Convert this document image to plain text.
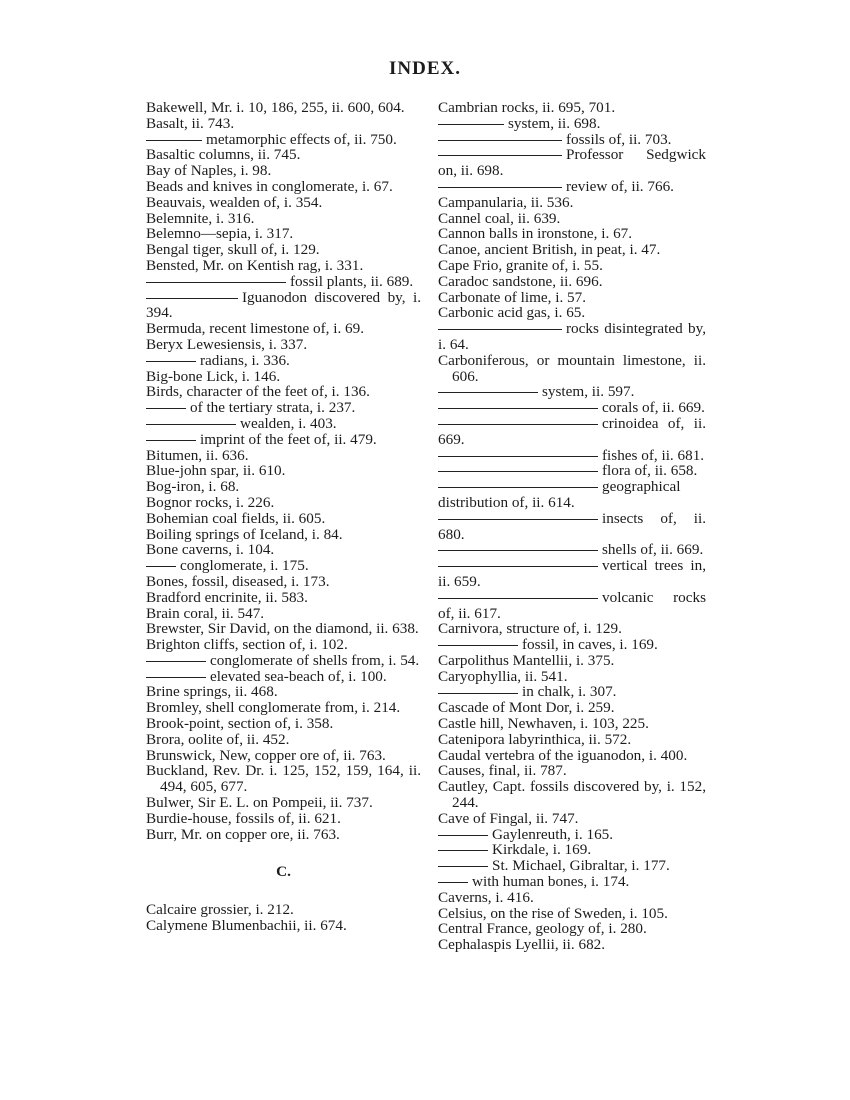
INDEX.
Bakewell, Mr. i. 10, 186, 255, ii. 600, 604.
Basalt, ii. 743.
metamorphic effects of, ii. 750.
Basaltic columns, ii. 745.
Bay of Naples, i. 98.
Beads and knives in conglomerate, i. 67.
Beauvais, wealden of, i. 354.
Belemnite, i. 316.
Belemno—sepia, i. 317.
Bengal tiger, skull of, i. 129.
Bensted, Mr. on Kentish rag, i. 331.
fossil plants, ii. 689.
Iguanodon discovered by, i. 394.
Bermuda, recent limestone of, i. 69.
Beryx Lewesiensis, i. 337.
radians, i. 336.
Big-bone Lick, i. 146.
Birds, character of the feet of, i. 136.
of the tertiary strata, i. 237.
wealden, i. 403.
imprint of the feet of, ii. 479.
Bitumen, ii. 636.
Blue-john spar, ii. 610.
Bog-iron, i. 68.
Bognor rocks, i. 226.
Bohemian coal fields, ii. 605.
Boiling springs of Iceland, i. 84.
Bone caverns, i. 104.
conglomerate, i. 175.
Bones, fossil, diseased, i. 173.
Bradford encrinite, ii. 583.
Brain coral, ii. 547.
Brewster, Sir David, on the diamond, ii. 638.
Brighton cliffs, section of, i. 102.
conglomerate of shells from, i. 54.
elevated sea-beach of, i. 100.
Brine springs, ii. 468.
Bromley, shell conglomerate from, i. 214.
Brook-point, section of, i. 358.
Brora, oolite of, ii. 452.
Brunswick, New, copper ore of, ii. 763.
Buckland, Rev. Dr. i. 125, 152, 159, 164, ii. 494, 605, 677.
Bulwer, Sir E. L. on Pompeii, ii. 737.
Burdie-house, fossils of, ii. 621.
Burr, Mr. on copper ore, ii. 763.
C.
Calcaire grossier, i. 212.
Calymene Blumenbachii, ii. 674.
Cambrian rocks, ii. 695, 701.
system, ii. 698.
fossils of, ii. 703.
Professor Sedgwick on, ii. 698.
review of, ii. 766.
Campanularia, ii. 536.
Cannel coal, ii. 639.
Cannon balls in ironstone, i. 67.
Canoe, ancient British, in peat, i. 47.
Cape Frio, granite of, i. 55.
Caradoc sandstone, ii. 696.
Carbonate of lime, i. 57.
Carbonic acid gas, i. 65.
rocks disintegrated by, i. 64.
Carboniferous, or mountain limestone, ii. 606.
system, ii. 597.
corals of, ii. 669.
crinoidea of, ii. 669.
fishes of, ii. 681.
flora of, ii. 658.
geographical distribution of, ii. 614.
insects of, ii. 680.
shells of, ii. 669.
vertical trees in, ii. 659.
volcanic rocks of, ii. 617.
Carnivora, structure of, i. 129.
fossil, in caves, i. 169.
Carpolithus Mantellii, i. 375.
Caryophyllia, ii. 541.
in chalk, i. 307.
Cascade of Mont Dor, i. 259.
Castle hill, Newhaven, i. 103, 225.
Catenipora labyrinthica, ii. 572.
Caudal vertebra of the iguanodon, i. 400.
Causes, final, ii. 787.
Cautley, Capt. fossils discovered by, i. 152, 244.
Cave of Fingal, ii. 747.
Gaylenreuth, i. 165.
Kirkdale, i. 169.
St. Michael, Gibraltar, i. 177.
with human bones, i. 174.
Caverns, i. 416.
Celsius, on the rise of Sweden, i. 105.
Central France, geology of, i. 280.
Cephalaspis Lyellii, ii. 682.
